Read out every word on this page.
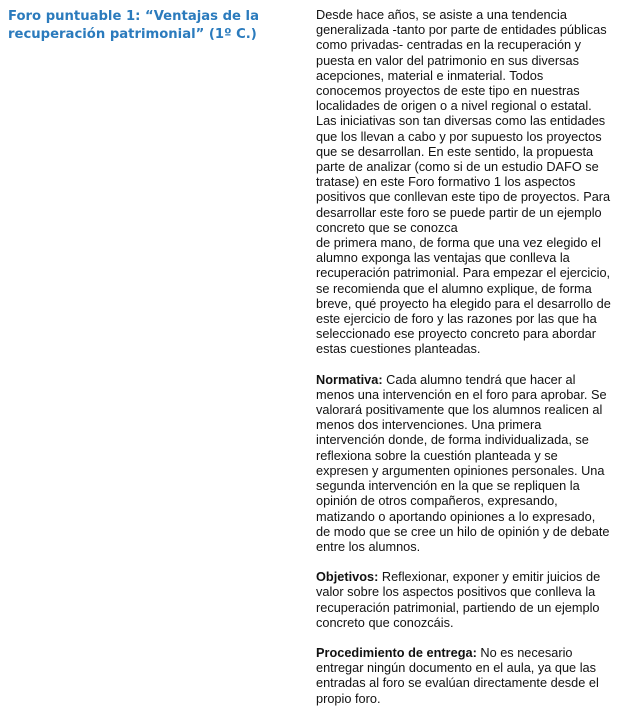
Foro puntuable 1: “Ventajas de la
recuperación patrimonial” (1º C.)

Desde hace años, se asiste a una tendencia
generalizada -tanto por parte de entidades públicas
como privadas- centradas en la recuperación y
puesta en valor del patrimonio en sus diversas
acepciones, material e inmaterial. Todos
conocemos proyectos de este tipo en nuestras
localidades de origen o a nivel regional o estatal.
Las iniciativas son tan diversas como las entidades
que los llevan a cabo y por supuesto los proyectos
que se desarrollan. En este sentido, la propuesta
parte de analizar (como si de un estudio DAFO se
tratase) en este Foro formativo 1 los aspectos
positivos que conllevan este tipo de proyectos. Para
desarrollar este foro se puede partir de un ejemplo
concreto que se conozca
de primera mano, de forma que una vez elegido el
alumno exponga las ventajas que conlleva la
recuperación patrimonial. Para empezar el ejercicio,
se recomienda que el alumno explique, de forma
breve, qué proyecto ha elegido para el desarrollo de
este ejercicio de foro y las razones por las que ha
seleccionado ese proyecto concreto para abordar
estas cuestiones planteadas.

Normativa: Cada alumno tendrá que hacer al
menos una intervención en el foro para aprobar. Se
valorará positivamente que los alumnos realicen al
menos dos intervenciones. Una primera
intervención donde, de forma individualizada, se
reflexiona sobre la cuestión planteada y se
expresen y argumenten opiniones personales. Una
segunda intervención en la que se repliquen la
opinión de otros compañeros, expresando,
matizando o aportando opiniones a lo expresado,
de modo que se cree un hilo de opinión y de debate
entre los alumnos.

Objetivos: Reflexionar, exponer y emitir juicios de
valor sobre los aspectos positivos que conlleva la
recuperación patrimonial, partiendo de un ejemplo
concreto que conozcáis.

Procedimiento de entrega: No es necesario
entregar ningún documento en el aula, ya que las
entradas al foro se evalúan directamente desde el
propio foro.
